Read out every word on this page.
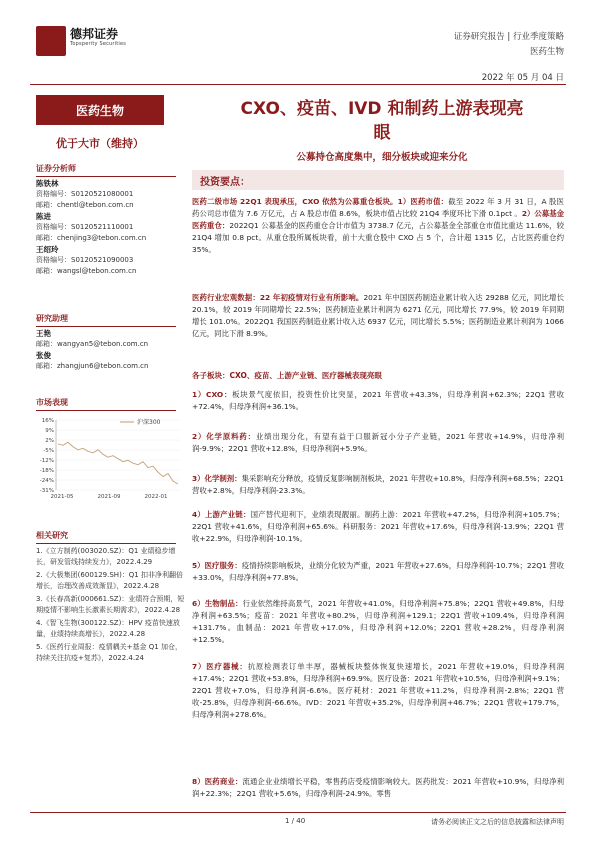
德邦证券
Topsperity Securities
证券研究报告 | 行业季度策略
医药生物
2022 年 05 月 04 日
医药生物
优于大市（维持）
证券分析师
陈铁林
资格编号：S0120521080001
邮箱：chentl@tebon.com.cn
陈进
资格编号：S0120521110001
邮箱：chenjing3@tebon.com.cn
王绍玲
资格编号：S0120521090003
邮箱：wangsl@tebon.com.cn
研究助理
王艳
邮箱：wangyan5@tebon.com.cn
张俊
邮箱：zhangjun6@tebon.com.cn
市场表现
16%
9%
2%
-5%
-12%
-18%
-24%
-31%
2021-05	2021-09	2022-01
沪深300
相关研究
1.《立方制药(003020.SZ)：Q1 业绩稳步增长，研发管线持续发力》，2022.4.29
2.《大极集团(600129.SH)：Q1 扣非净利翻倍增长，治理改善成效渐显》，2022.4.28
3.《长春高新(000661.SZ)：业绩符合预期，短期疫情不影响生长激素长期需求》，2022.4.28
4.《智飞生物(300122.SZ)：HPV 疫苗快速放量，业绩持续高增长》，2022.4.28
5.《医药行业周报：疫情耦关+基金 Q1 加仓，持续关注抗疫+复苏》，2022.4.24
CXO、疫苗、IVD 和制药上游表现亮
眼
公募持仓高度集中，细分板块或迎来分化
投资要点：
医药二级市场 22Q1 表现承压，CXO 依然为公募重仓板块。1）医药市值：截至 2022 年 3 月 31 日，A 股医药公司总市值为 7.6 万亿元，占 A 股总市值 8.6%，板块市值占比较 21Q4 季度环比下滑 0.1pct 。2）公募基金医药重仓：2022Q1 公募基金的医药重仓合计市值为 3738.7 亿元，占公募基金全部重仓市值比重达 11.6%，较 21Q4 增加 0.8 pct。从重仓股所属板块看，前十大重仓股中 CXO 占 5 个，合计超 1315 亿，占比医药重仓约 35%。
医药行业宏观数据：22 年初疫情对行业有所影响。2021 年中国医药制造业累计收入达 29288 亿元，同比增长 20.1%，较 2019 年同期增长 22.5%；医药制造业累计利润为 6271 亿元，同比增长 77.9%，较 2019 年同期增长 101.0%。2022Q1 我国医药制造业累计收入达 6937 亿元，同比增长 5.5%；医药制造业累计利润为 1066 亿元，同比下滑 8.9%。
各子板块：CXO、疫苗、上游产业链、医疗器械表现亮眼
1）CXO：板块景气度依旧，投资性价比突显，2021 年营收+43.3%，归母净利润+62.3%；22Q1 营收+72.4%，归母净利润+36.1%。
2）化学原料药：业绩出现分化，有望有益于口服新冠小分子产业链，2021 年营收+14.9%，归母净利润-9.9%；22Q1 营收+12.8%，归母净利润+5.9%。
3）化学制剂：集采影响充分释放，疫情反复影响制剂板块，2021 年营收+10.8%，归母净利润+68.5%；22Q1 营收+2.8%，归母净利润-23.3%。
4）上游产业链：国产替代迎利下，业绩表现靓丽。制药上游：2021 年营收+47.2%，归母净利润+105.7%；22Q1 营收+41.6%，归母净利润+65.6%。科研服务：2021 年营收+17.6%，归母净利润-13.9%；22Q1 营收+22.9%，归母净利润-10.1%。
5）医疗服务：疫情持续影响板块，业绩分化较为严重，2021 年营收+27.6%，归母净利润-10.7%；22Q1 营收+33.0%，归母净利润+77.8%。
6）生物制品：行业依然维持高景气，2021 年营收+41.0%，归母净利润+75.8%；22Q1 营收+49.8%，归母净利润+63.5%；疫苗：2021 年营收+80.2%，归母净利润+129.1；22Q1 营收+109.4%，归母净利润+131.7%。血制品：2021 年营收+17.0%，归母净利润+12.0%；22Q1 营收+28.2%，归母净利润+12.5%。
7）医疗器械：抗原检测表订单丰厚，器械板块整体恢复快速增长，2021 年营收+19.0%，归母净利润+17.4%；22Q1 营收+53.8%，归母净利润+69.9%。医疗设备：2021 年营收+10.5%，归母净利润+9.1%；22Q1 营收+7.0%，归母净利润-6.6%。医疗耗材：2021 年营收+11.2%，归母净利润-2.8%；22Q1 营收-25.8%，归母净利润-66.6%。IVD：2021 年营收+35.2%，归母净利润+46.7%；22Q1 营收+179.7%，归母净利润+278.6%。
8）医药商业：流通企业业绩增长平稳，零售药店受疫情影响较大。医药批发：2021 年营收+10.9%，归母净利润+22.3%；22Q1 营收+5.6%，归母净利润-24.9%。零售
1 / 40	请务必阅读正文之后的信息披露和法律声明
